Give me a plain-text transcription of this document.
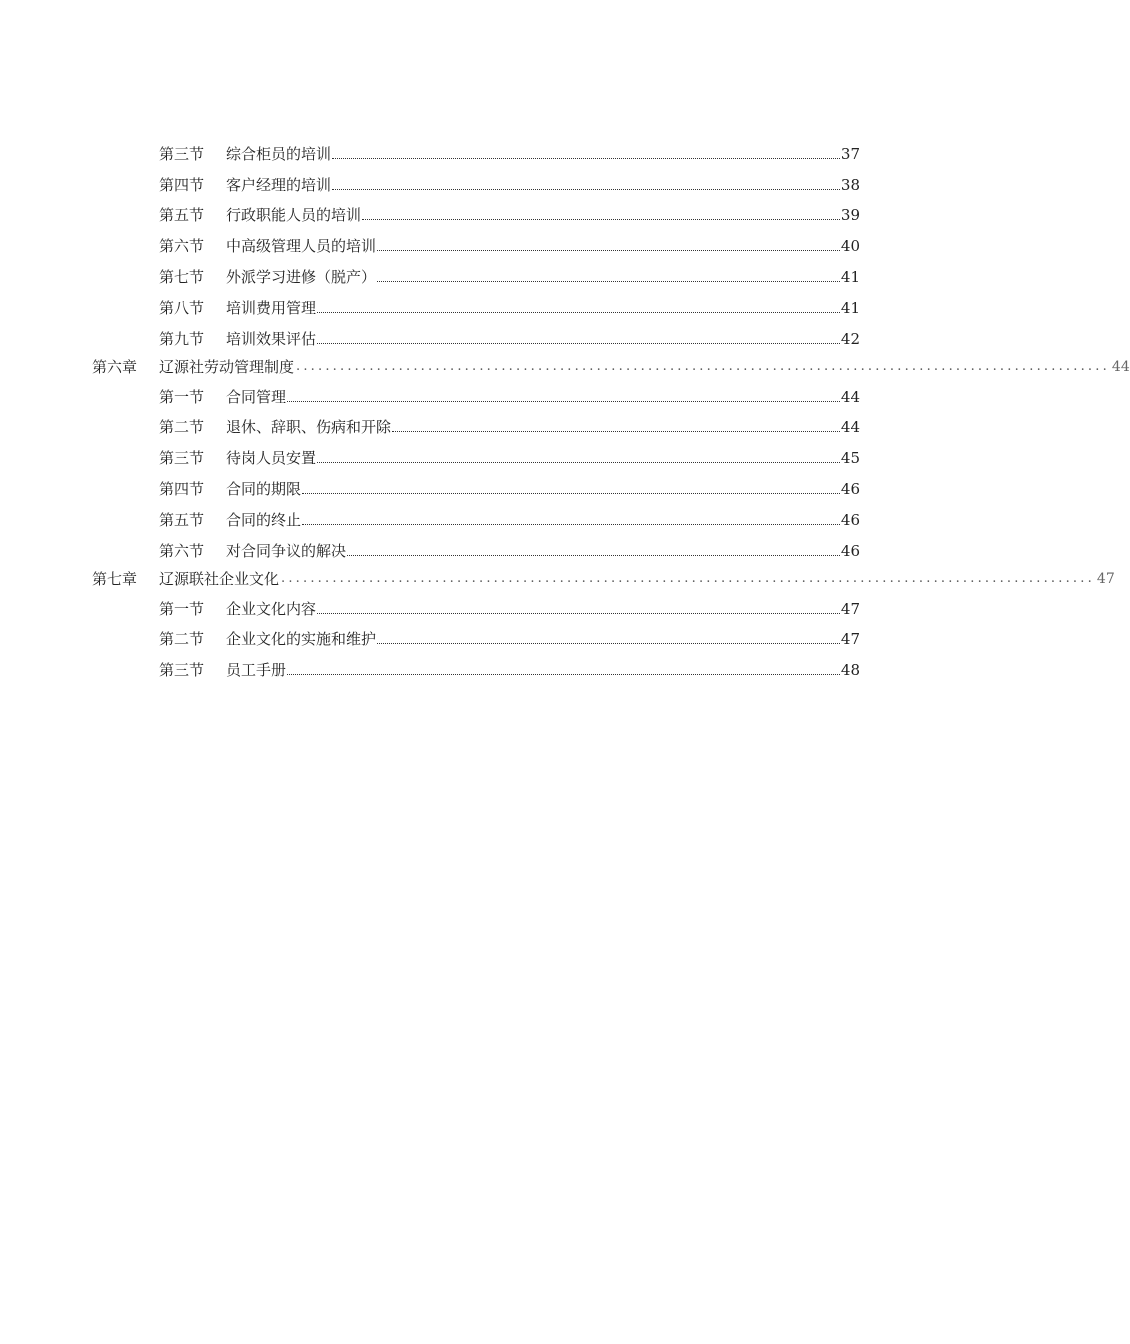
第三节	综合柜员的培训	37
第四节	客户经理的培训	38
第五节	行政职能人员的培训	39
第六节	中高级管理人员的培训	40
第七节	外派学习进修（脱产）	41
第八节	培训费用管理	41
第九节	培训效果评估	42
第六章	辽源社劳动管理制度 ............................................................................................................... 44
第一节	合同管理	44
第二节	退休、辞职、伤病和开除	44
第三节	待岗人员安置	45
第四节	合同的期限	46
第五节	合同的终止	46
第六节	对合同争议的解决	46
第七章	辽源联社企业文化 ............................................................................................................... 47
第一节	企业文化内容	47
第二节	企业文化的实施和维护	47
第三节	员工手册	48
